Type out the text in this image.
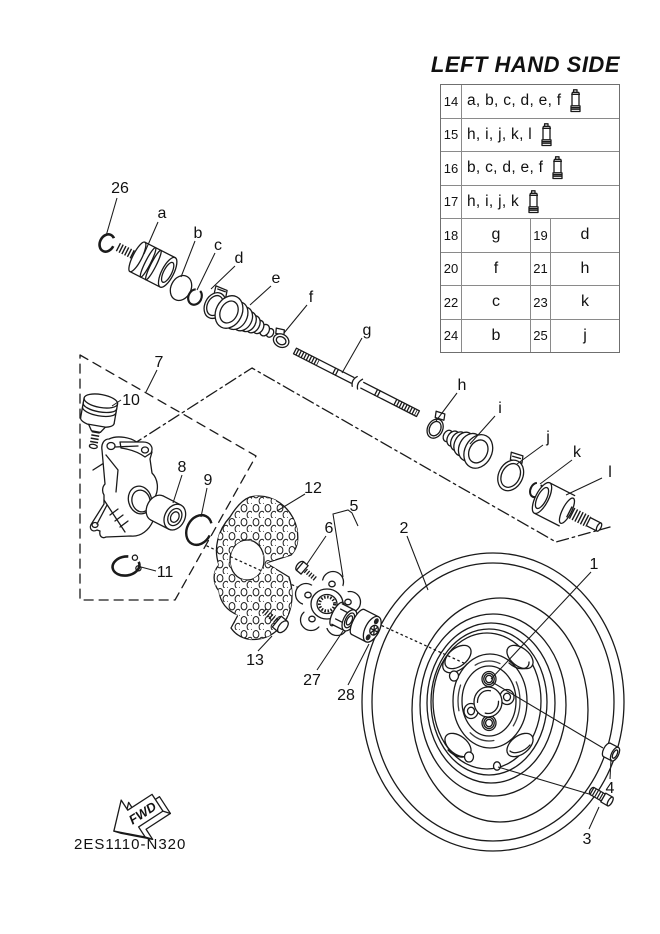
LEFT HAND SIDE
14 a, b, c, d, e, f
15 h, i, j, k, l
16 b, c, d, e, f
17 h, i, j, k
18	g	19	d
20	f	21	h
22	c	23	k
24	b	25	j
2ES1110-N320
FWD
26
a
b
c
d
e
f
g
h
i
j
k
l
7
10
8
9	12
5
6	2
11
13
27
28
1
4
3
